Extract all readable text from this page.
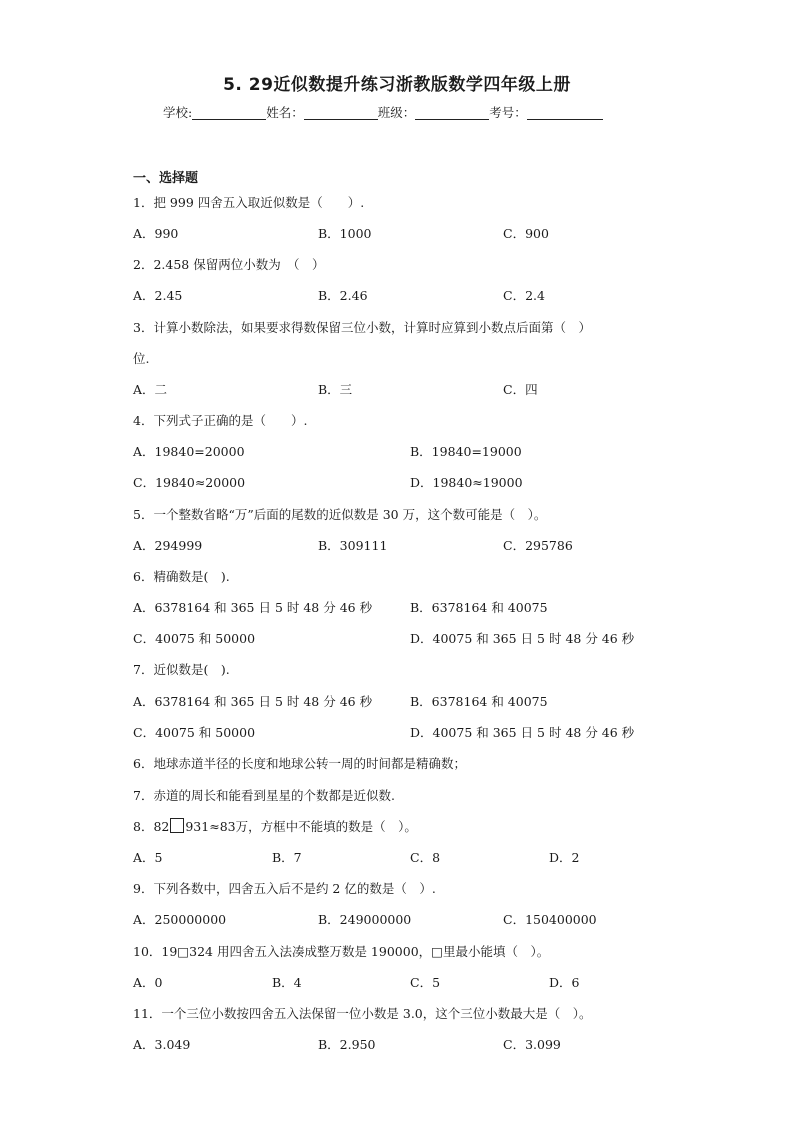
5. 29近似数提升练习浙教版数学四年级上册
学校:	姓名：	班级：	考号：
一、选择题
1．把 999 四舍五入取近似数是（　　）.
A．990	B．1000	C．900
2．2.458 保留两位小数为　（　）
A．2.45	B．2.46	C．2.4
3．计算小数除法，如果要求得数保留三位小数，计算时应算到小数点后面第（　）
位.
A．二	B．三	C．四
4．下列式子正确的是（　　）.
A．19840=20000	B．19840=19000
C．19840≈20000	D．19840≈19000
5．一个整数省略“万”后面的尾数的近似数是 30 万，这个数可能是（　）。
A．294999	B．309111	C．295786
6．精确数是(　).
A．6378164 和 365 日 5 时 48 分 46 秒	B．6378164 和 40075
C．40075 和 50000	D．40075 和 365 日 5 时 48 分 46 秒
7．近似数是(　).
A．6378164 和 365 日 5 时 48 分 46 秒	B．6378164 和 40075
C．40075 和 50000	D．40075 和 365 日 5 时 48 分 46 秒
6．地球赤道半径的长度和地球公转一周的时间都是精确数；
7．赤道的周长和能看到星星的个数都是近似数.
8．82 931≈83万，方框中不能填的数是（　）。
A．5	B．7	C．8	D．2
9．下列各数中，四舍五入后不是约 2 亿的数是（　）.
A．250000000	B．249000000	C．150400000
10．19□324 用四舍五入法凑成整万数是 190000，□里最小能填（　）。
A．0	B．4	C．5	D．6
11．一个三位小数按四舍五入法保留一位小数是 3.0，这个三位小数最大是（　）。
A．3.049	B．2.950	C．3.099
